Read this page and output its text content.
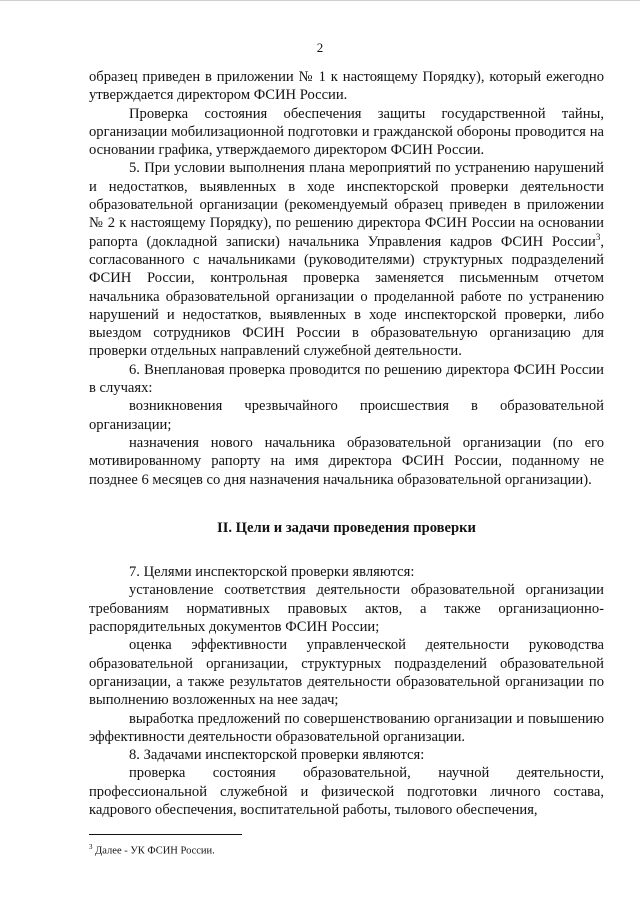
2

образец приведен в приложении № 1 к настоящему Порядку), который ежегодно утверждается директором ФСИН России.

Проверка состояния обеспечения защиты государственной тайны, организации мобилизационной подготовки и гражданской обороны проводится на основании графика, утверждаемого директором ФСИН России.

5. При условии выполнения плана мероприятий по устранению нарушений и недостатков, выявленных в ходе инспекторской проверки деятельности образовательной организации (рекомендуемый образец приведен в приложении № 2 к настоящему Порядку), по решению директора ФСИН России на основании рапорта (докладной записки) начальника Управления кадров ФСИН России$^3$, согласованного с начальниками (руководителями) структурных подразделений ФСИН России, контрольная проверка заменяется письменным отчетом начальника образовательной организации о проделанной работе по устранению нарушений и недостатков, выявленных в ходе инспекторской проверки, либо выездом сотрудников ФСИН России в образовательную организацию для проверки отдельных направлений служебной деятельности.

6. Внеплановая проверка проводится по решению директора ФСИН России в случаях:

возникновения чрезвычайного происшествия в образовательной организации;

назначения нового начальника образовательной организации (по его мотивированному рапорту на имя директора ФСИН России, поданному не позднее 6 месяцев со дня назначения начальника образовательной организации).

II. Цели и задачи проведения проверки

7. Целями инспекторской проверки являются:

установление соответствия деятельности образовательной организации требованиям нормативных правовых актов, а также организационно-распорядительных документов ФСИН России;

оценка эффективности управленческой деятельности руководства образовательной организации, структурных подразделений образовательной организации, а также результатов деятельности образовательной организации по выполнению возложенных на нее задач;

выработка предложений по совершенствованию организации и повышению эффективности деятельности образовательной организации.

8. Задачами инспекторской проверки являются:

проверка состояния образовательной, научной деятельности, профессиональной служебной и физической подготовки личного состава, кадрового обеспечения, воспитательной работы, тылового обеспечения,

$^3$ Далее - УК ФСИН России.
